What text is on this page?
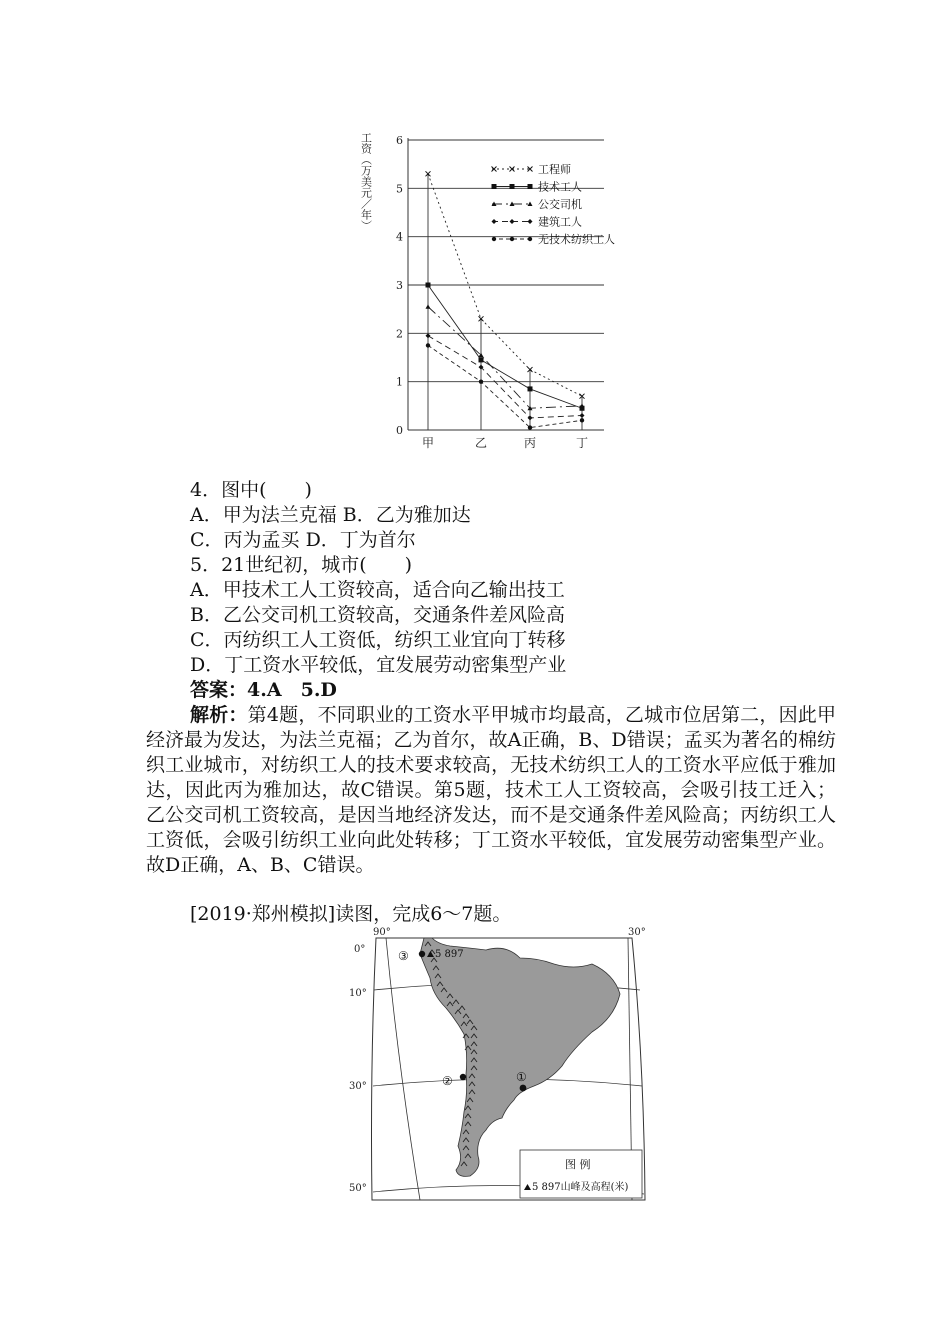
工资（万美元／年）
0
1
2
3
4
5
6
甲	乙	丙	丁
工程师
技术工人
公交司机
建筑工人
无技术纺织工人
4．图中(　　)
A．甲为法兰克福 B．乙为雅加达
C．丙为孟买 D．丁为首尔
5．21世纪初，城市(　　)
A．甲技术工人工资较高，适合向乙输出技工
B．乙公交司机工资较高，交通条件差风险高
C．丙纺织工人工资低，纺织工业宜向丁转移
D．丁工资水平较低，宜发展劳动密集型产业
答案：4.A　5.D
解析：第4题，不同职业的工资水平甲城市均最高，乙城市位居第二，因此甲经济最为发达，为法兰克福；乙为首尔，故A正确，B、D错误；孟买为著名的棉纺织工业城市，对纺织工人的技术要求较高，无技术纺织工人的工资水平应低于雅加达，因此丙为雅加达，故C错误。第5题，技术工人工资较高，会吸引技工迁入；乙公交司机工资较高，是因当地经济发达，而不是交通条件差风险高；丙纺织工人工资低，会吸引纺织工业向此处转移；丁工资水平较低，宜发展劳动密集型产业。故D正确，A、B、C错误。
[2019·郑州模拟]读图，完成6～7题。
90°	30°
0°
10°
30°
50°
5 897
③
②	①
图 例
5 897山峰及高程(米)
